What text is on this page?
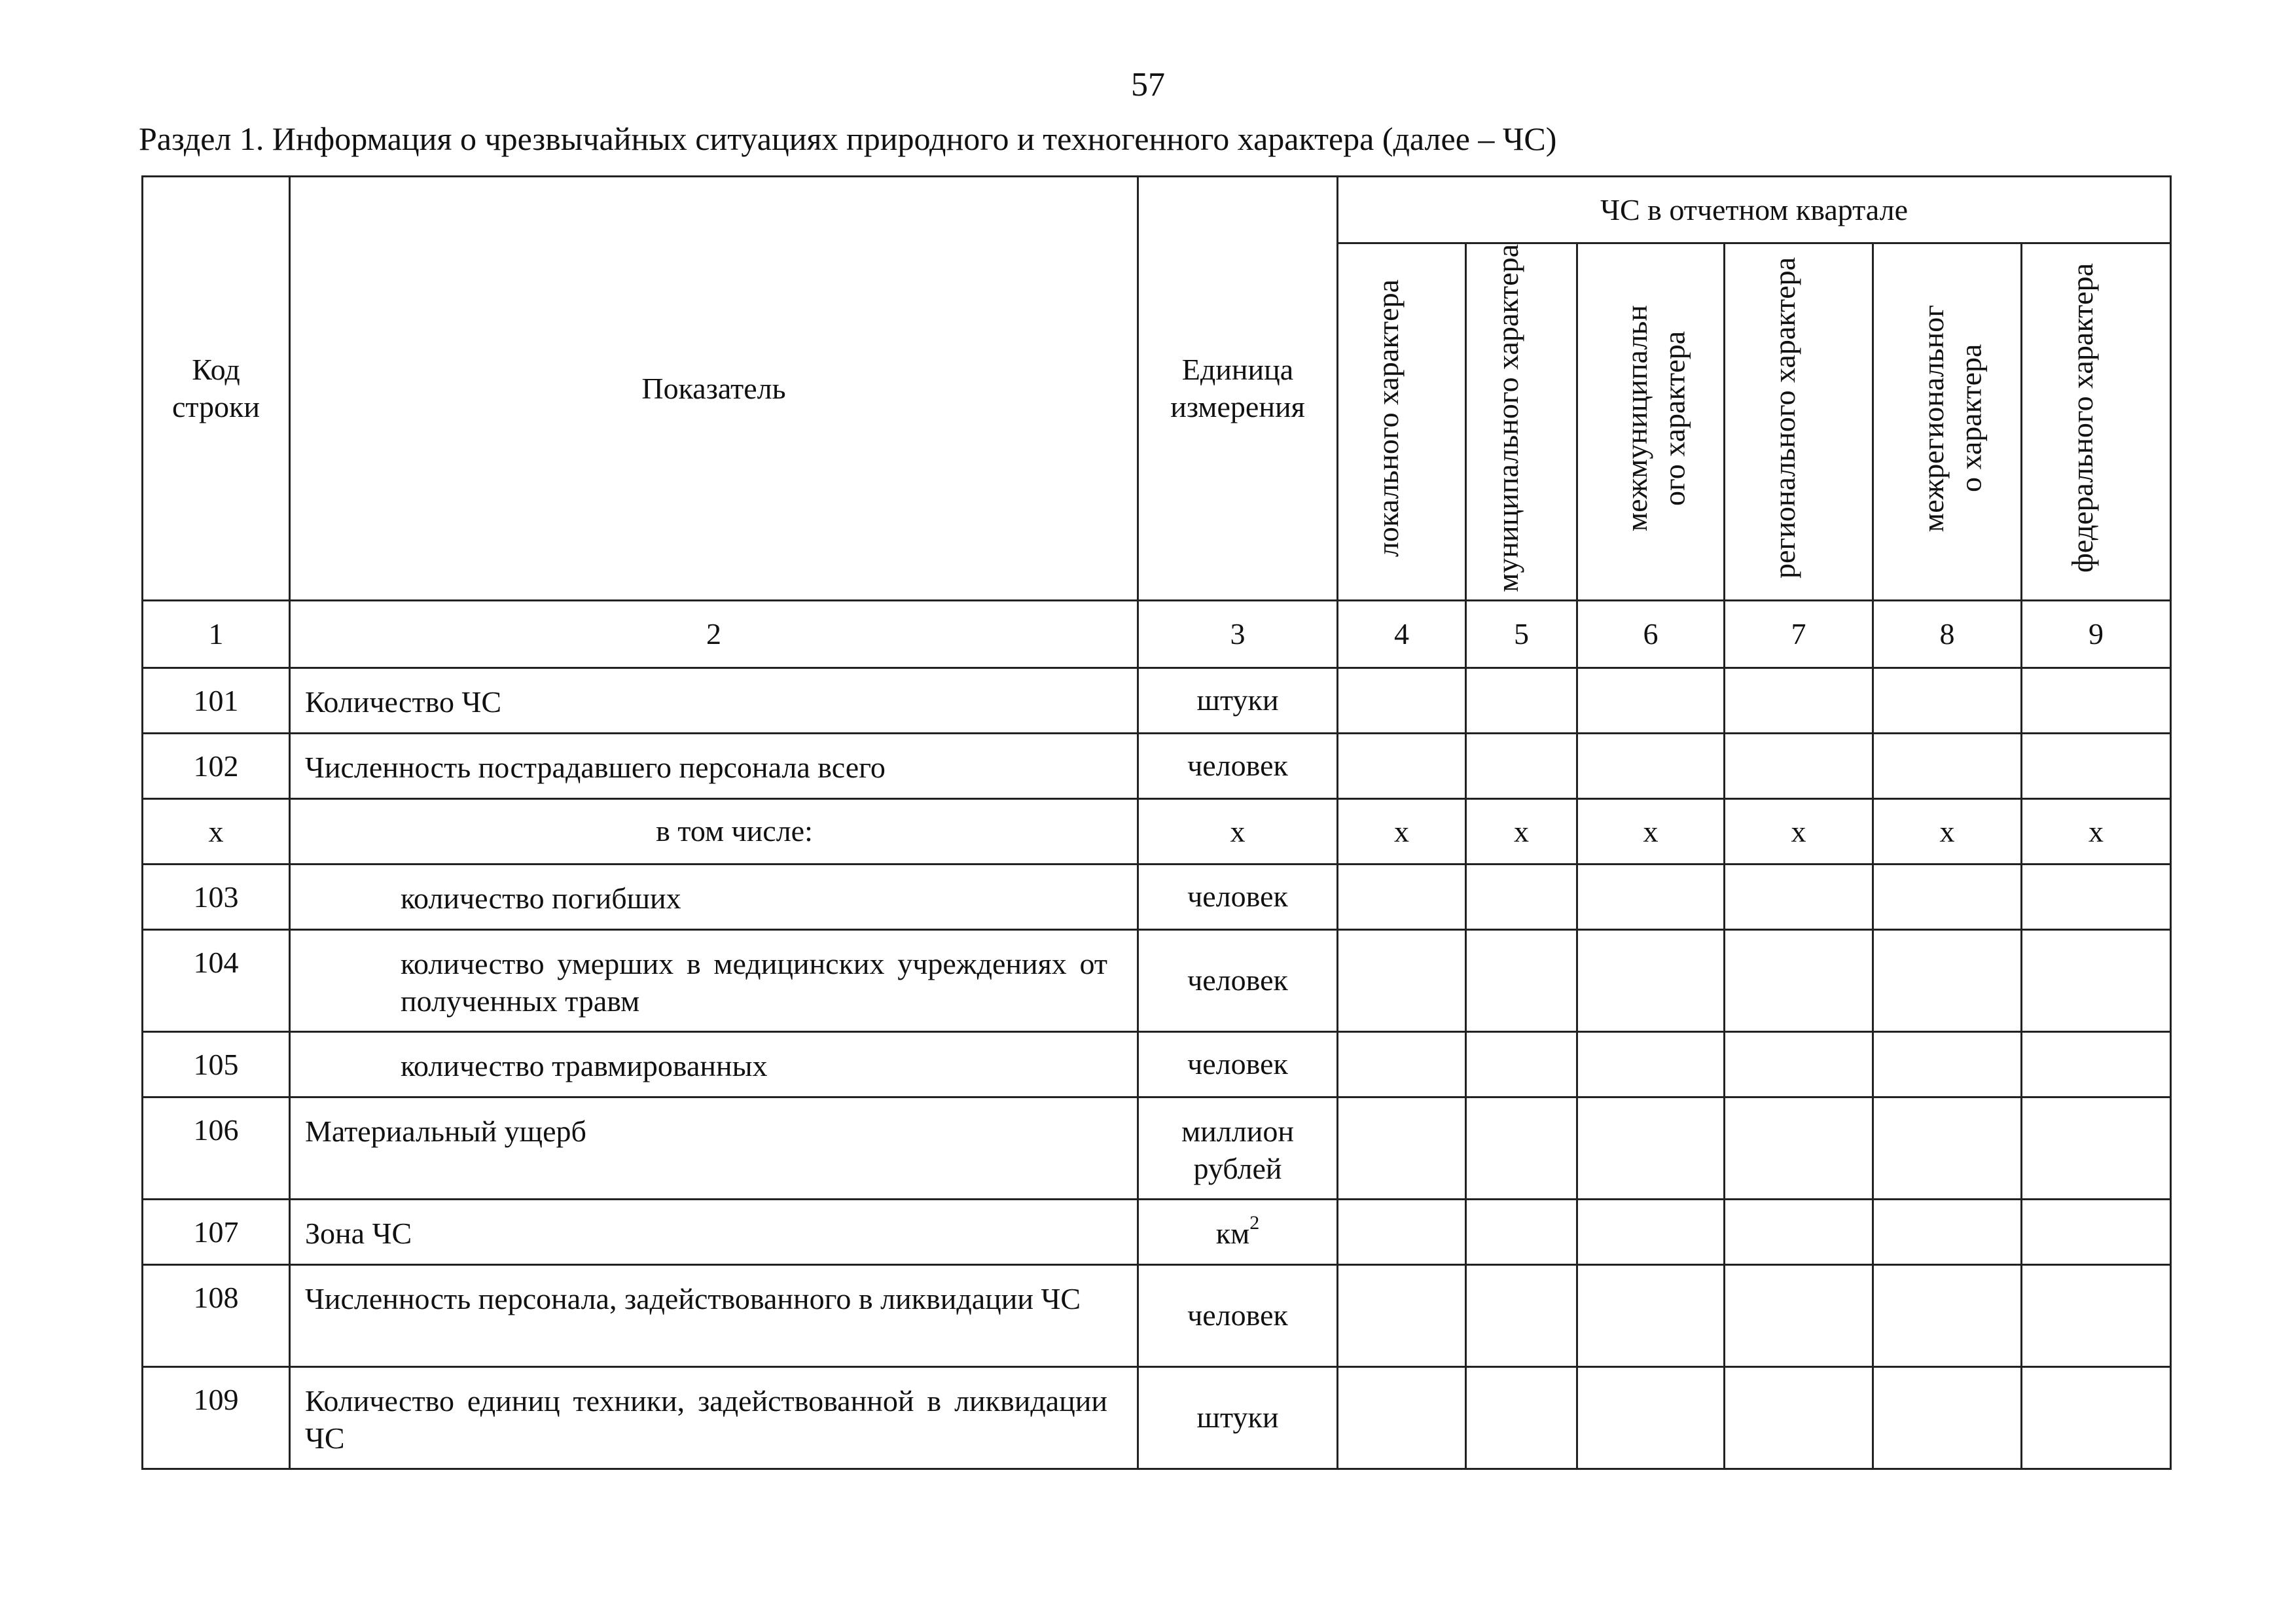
57
Раздел 1. Информация о чрезвычайных ситуациях природного и техногенного характера (далее – ЧС)
Код строки	Показатель	Единица измерения	ЧС в отчетном квартале					
			локального характера	муниципального характера	межмуниципальн ого характера	регионального характера	межрегиональног о характера	федерального характера
1	2	3	4	5	6	7	8	9
101	Количество ЧС	штуки						
102	Численность пострадавшего персонала всего	человек						
х	в том числе:	х	х	х	х	х	х	х
103	количество погибших	человек						
104	количество умерших в медицинских учреждениях от полученных травм	человек						
105	количество травмированных	человек						
106	Материальный ущерб	миллион рублей						
107	Зона ЧС	$км^2$						
108	Численность персонала, задействованного в ликвидации ЧС	человек						
109	Количество единиц техники, задействованной в ликвидации ЧС	штуки						
